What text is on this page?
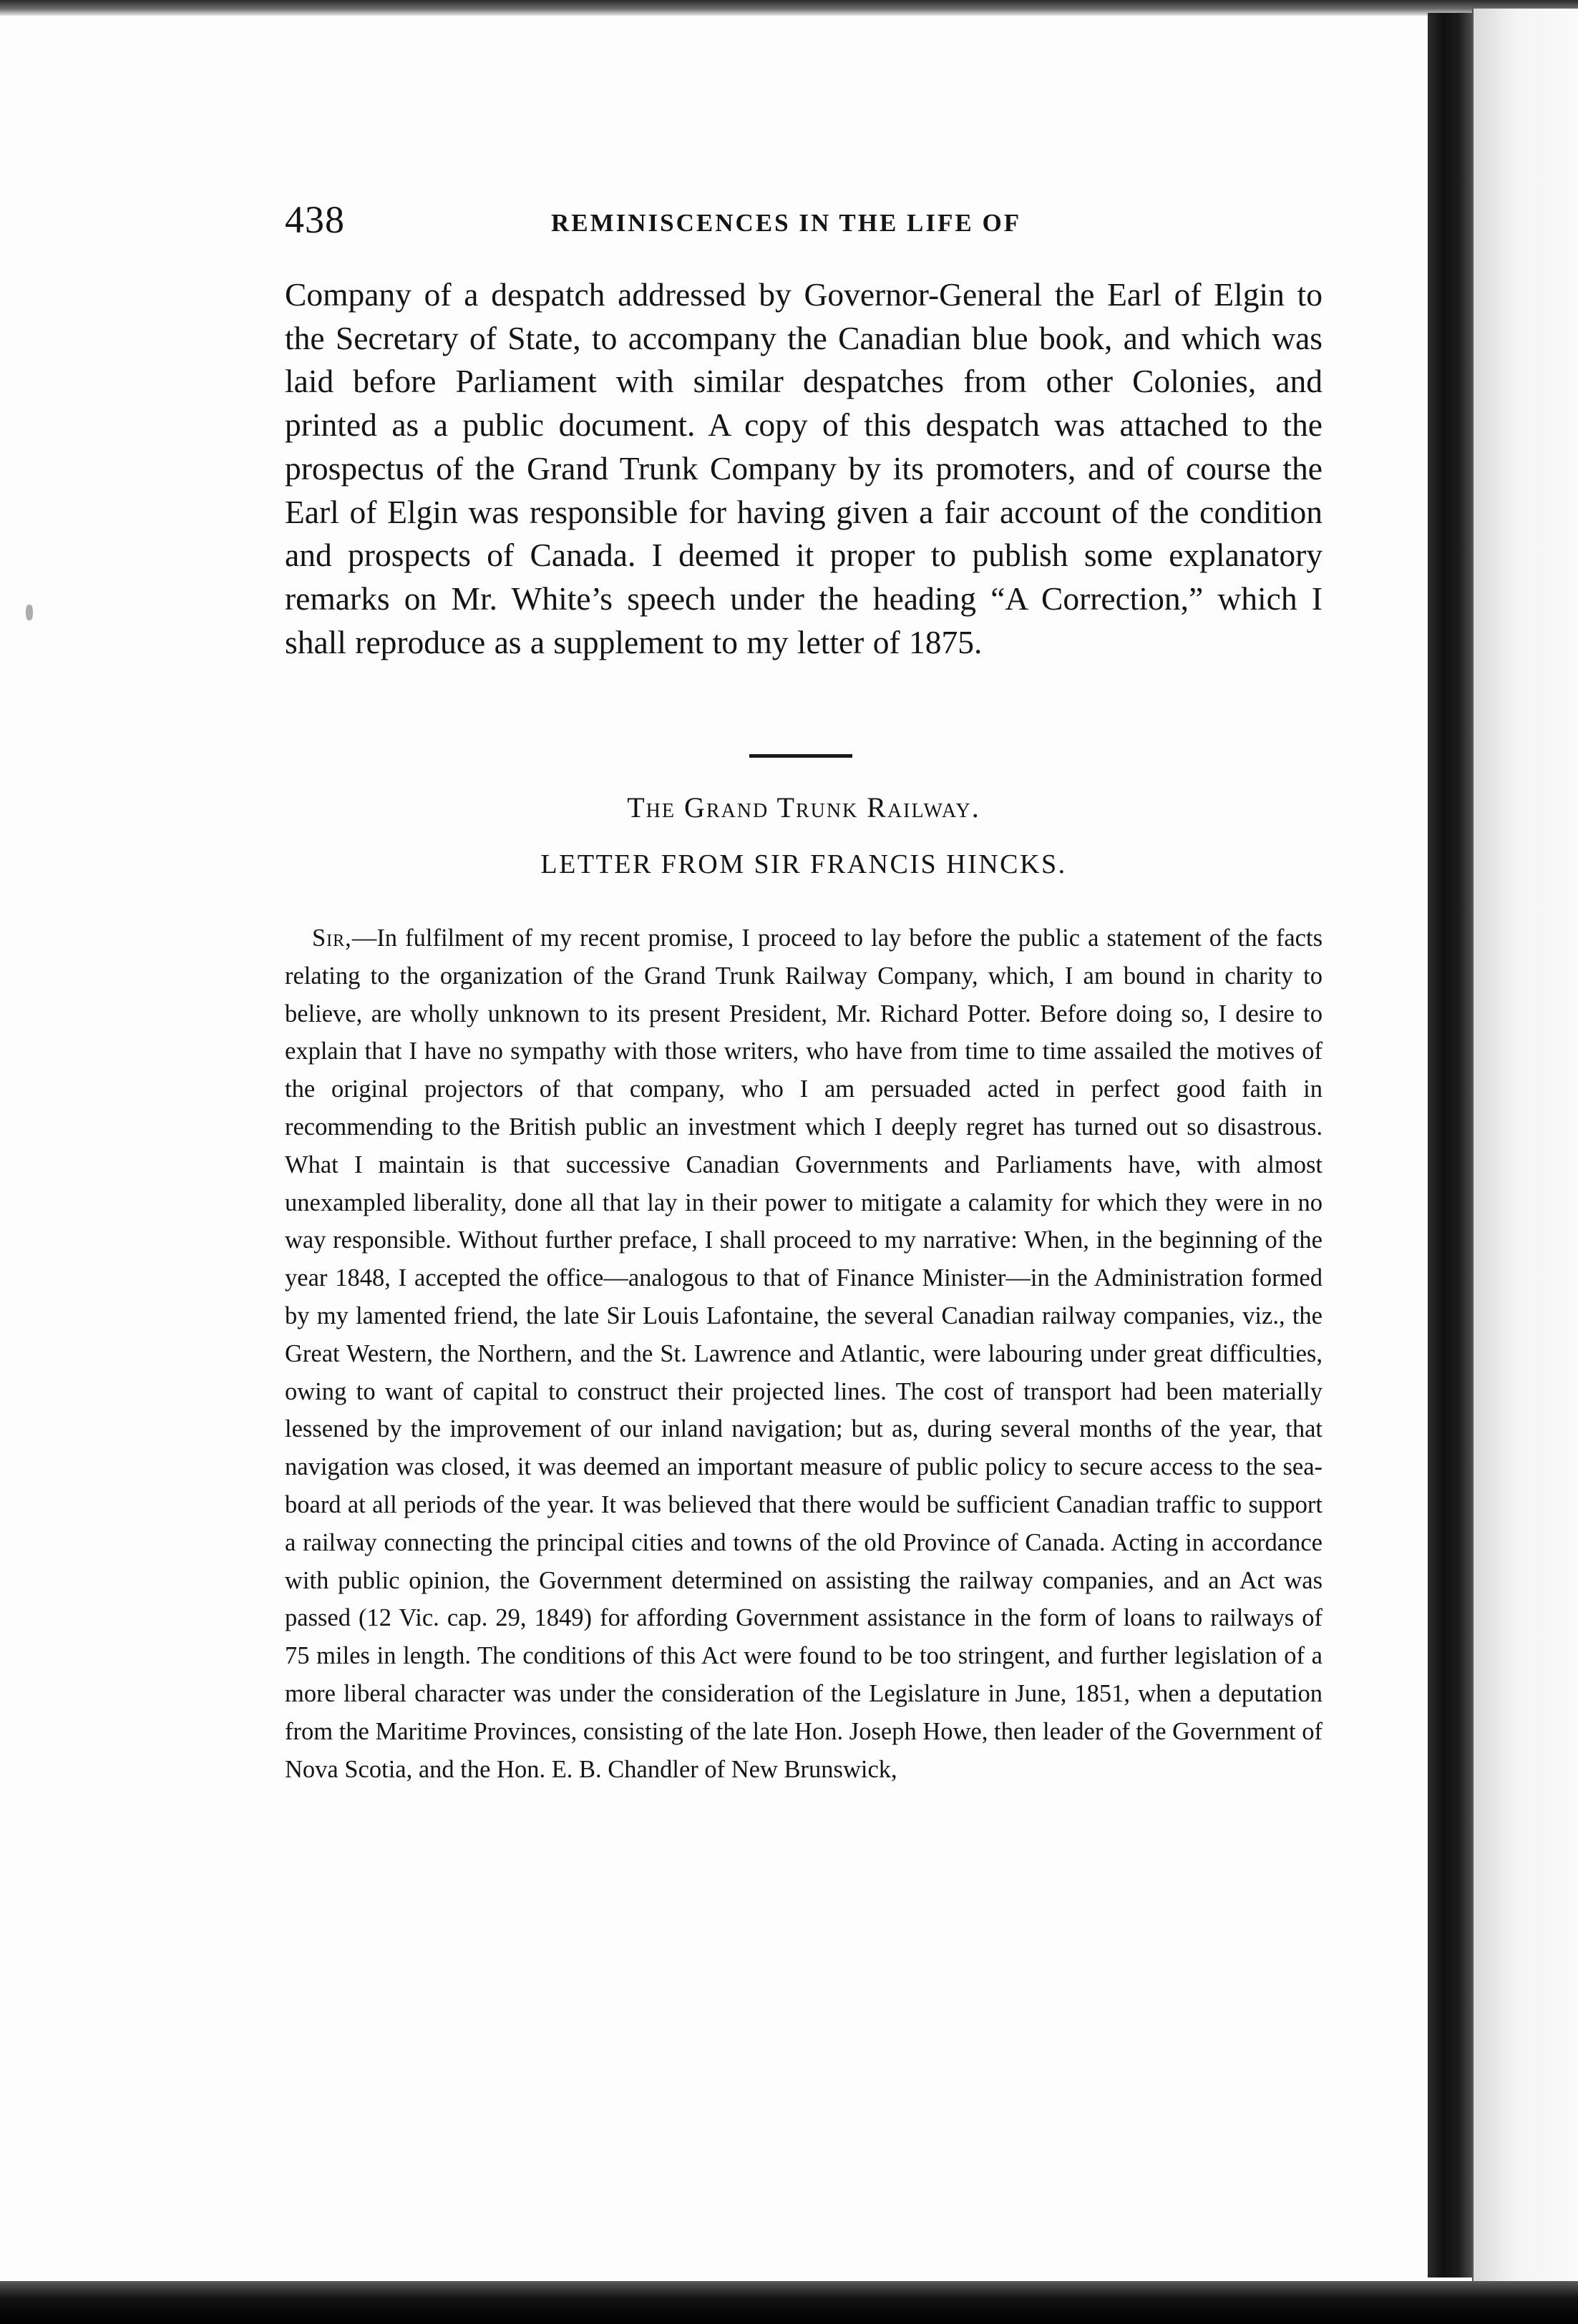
438	REMINISCENCES IN THE LIFE OF

Company of a despatch addressed by Governor-General the Earl of Elgin to the Secretary of State, to accompany the Canadian blue book, and which was laid before Parliament with similar despatches from other Colonies, and printed as a public document. A copy of this despatch was attached to the prospectus of the Grand Trunk Company by its promoters, and of course the Earl of Elgin was responsible for having given a fair account of the condition and prospects of Canada. I deemed it proper to publish some explanatory remarks on Mr. White’s speech under the heading “A Correction,” which I shall reproduce as a supplement to my letter of 1875.

The Grand Trunk Railway.
LETTER FROM SIR FRANCIS HINCKS.

Sir,—In fulfilment of my recent promise, I proceed to lay before the public a statement of the facts relating to the organization of the Grand Trunk Railway Company, which, I am bound in charity to believe, are wholly unknown to its present President, Mr. Richard Potter. Before doing so, I desire to explain that I have no sympathy with those writers, who have from time to time assailed the motives of the original projectors of that company, who I am persuaded acted in perfect good faith in recommending to the British public an investment which I deeply regret has turned out so disastrous. What I maintain is that successive Canadian Governments and Parliaments have, with almost unexampled liberality, done all that lay in their power to mitigate a calamity for which they were in no way responsible. Without further preface, I shall proceed to my narrative: When, in the beginning of the year 1848, I accepted the office—analogous to that of Finance Minister—in the Administration formed by my lamented friend, the late Sir Louis Lafontaine, the several Canadian railway companies, viz., the Great Western, the Northern, and the St. Lawrence and Atlantic, were labouring under great difficulties, owing to want of capital to construct their projected lines. The cost of transport had been materially lessened by the improvement of our inland navigation; but as, during several months of the year, that navigation was closed, it was deemed an important measure of public policy to secure access to the sea-board at all periods of the year. It was believed that there would be sufficient Canadian traffic to support a railway connecting the principal cities and towns of the old Province of Canada. Acting in accordance with public opinion, the Government determined on assisting the railway companies, and an Act was passed (12 Vic. cap. 29, 1849) for affording Government assistance in the form of loans to railways of 75 miles in length. The conditions of this Act were found to be too stringent, and further legislation of a more liberal character was under the consideration of the Legislature in June, 1851, when a deputation from the Maritime Provinces, consisting of the late Hon. Joseph Howe, then leader of the Government of Nova Scotia, and the Hon. E. B. Chandler of New Brunswick,
